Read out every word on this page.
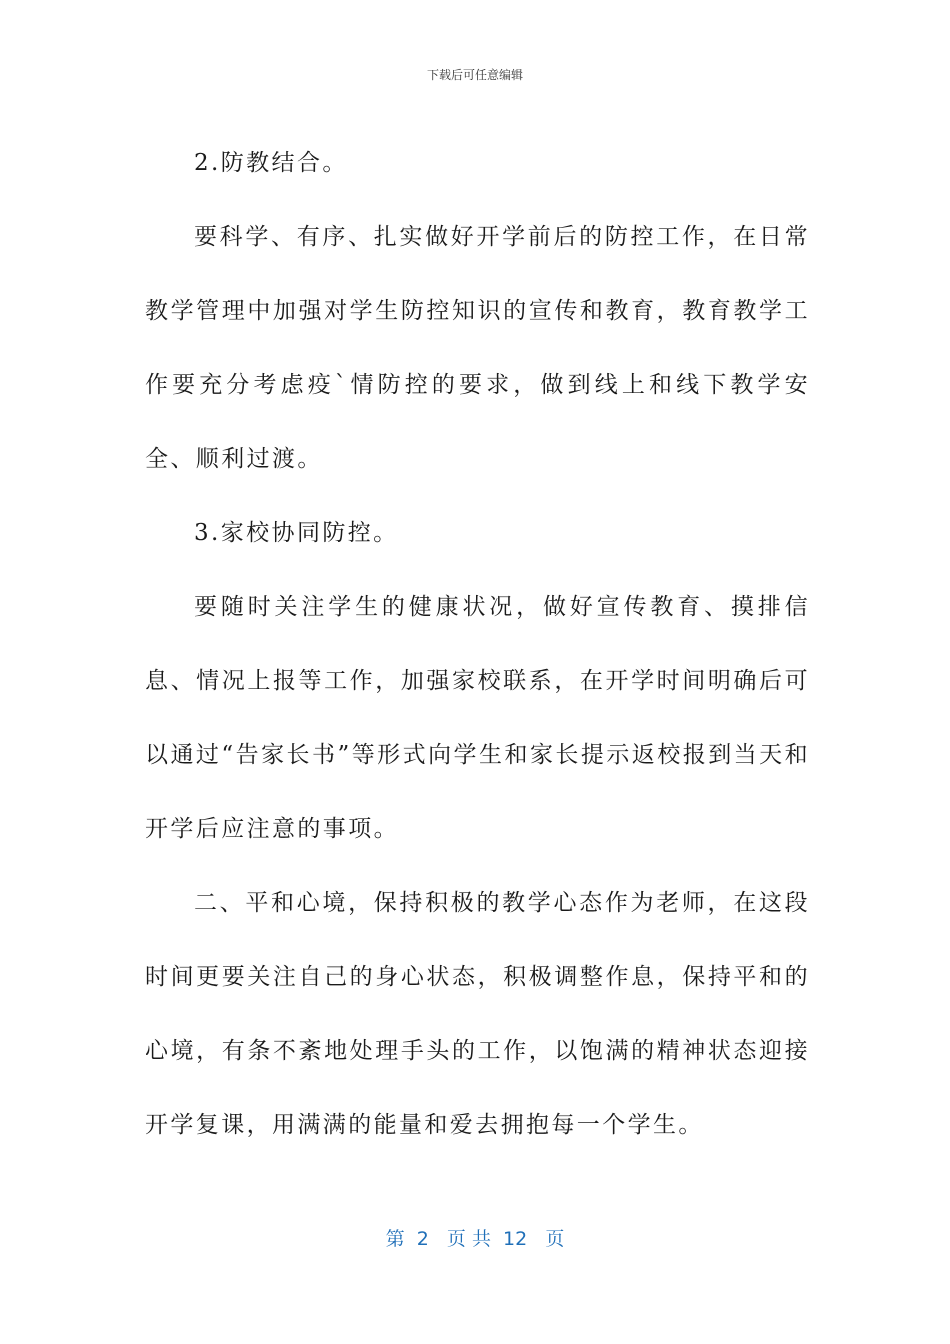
下载后可任意编辑

2.防教结合。

要科学、有序、扎实做好开学前后的防控工作，在日常教学管理中加强对学生防控知识的宣传和教育，教育教学工作要充分考虑疫`情防控的要求，做到线上和线下教学安全、顺利过渡。

3.家校协同防控。

要随时关注学生的健康状况，做好宣传教育、摸排信息、情况上报等工作，加强家校联系，在开学时间明确后可以通过“告家长书”等形式向学生和家长提示返校报到当天和开学后应注意的事项。

二、平和心境，保持积极的教学心态作为老师，在这段时间更要关注自己的身心状态，积极调整作息，保持平和的心境，有条不紊地处理手头的工作，以饱满的精神状态迎接开学复课，用满满的能量和爱去拥抱每一个学生。

第  2   页 共  12   页
